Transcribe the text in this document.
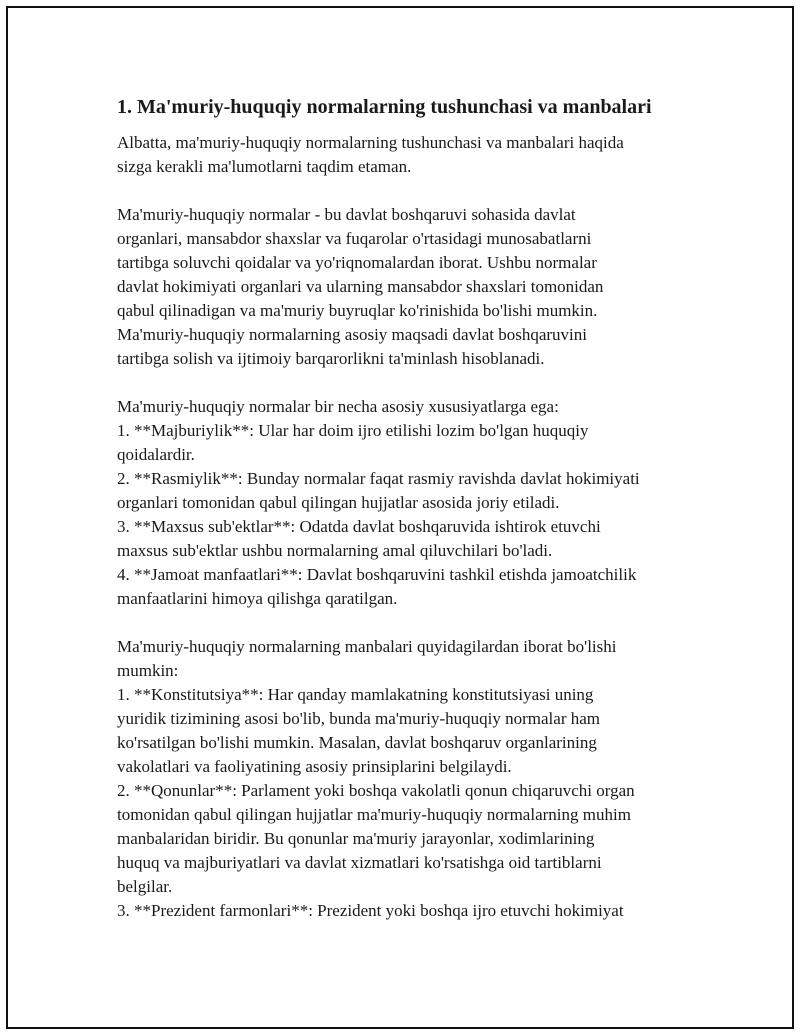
1. Ma'muriy-huquqiy normalarning tushunchasi va manbalari
Albatta, ma'muriy-huquqiy normalarning tushunchasi va manbalari haqida
sizga kerakli ma'lumotlarni taqdim etaman.
Ma'muriy-huquqiy normalar - bu davlat boshqaruvi sohasida davlat
organlari, mansabdor shaxslar va fuqarolar o'rtasidagi munosabatlarni
tartibga soluvchi qoidalar va yo'riqnomalardan iborat. Ushbu normalar
davlat hokimiyati organlari va ularning mansabdor shaxslari tomonidan
qabul qilinadigan va ma'muriy buyruqlar ko'rinishida bo'lishi mumkin.
Ma'muriy-huquqiy normalarning asosiy maqsadi davlat boshqaruvini
tartibga solish va ijtimoiy barqarorlikni ta'minlash hisoblanadi.
Ma'muriy-huquqiy normalar bir necha asosiy xususiyatlarga ega:
1. **Majburiylik**: Ular har doim ijro etilishi lozim bo'lgan huquqiy
qoidalardir.
2. **Rasmiylik**: Bunday normalar faqat rasmiy ravishda davlat hokimiyati
organlari tomonidan qabul qilingan hujjatlar asosida joriy etiladi.
3. **Maxsus sub'ektlar**: Odatda davlat boshqaruvida ishtirok etuvchi
maxsus sub'ektlar ushbu normalarning amal qiluvchilari bo'ladi.
4. **Jamoat manfaatlari**: Davlat boshqaruvini tashkil etishda jamoatchilik
manfaatlarini himoya qilishga qaratilgan.
Ma'muriy-huquqiy normalarning manbalari quyidagilardan iborat bo'lishi
mumkin:
1. **Konstitutsiya**: Har qanday mamlakatning konstitutsiyasi uning
yuridik tizimining asosi bo'lib, bunda ma'muriy-huquqiy normalar ham
ko'rsatilgan bo'lishi mumkin. Masalan, davlat boshqaruv organlarining
vakolatlari va faoliyatining asosiy prinsiplarini belgilaydi.
2. **Qonunlar**: Parlament yoki boshqa vakolatli qonun chiqaruvchi organ
tomonidan qabul qilingan hujjatlar ma'muriy-huquqiy normalarning muhim
manbalaridan biridir. Bu qonunlar ma'muriy jarayonlar, xodimlarining
huquq va majburiyatlari va davlat xizmatlari ko'rsatishga oid tartiblarni
belgilar.
3. **Prezident farmonlari**: Prezident yoki boshqa ijro etuvchi hokimiyat
